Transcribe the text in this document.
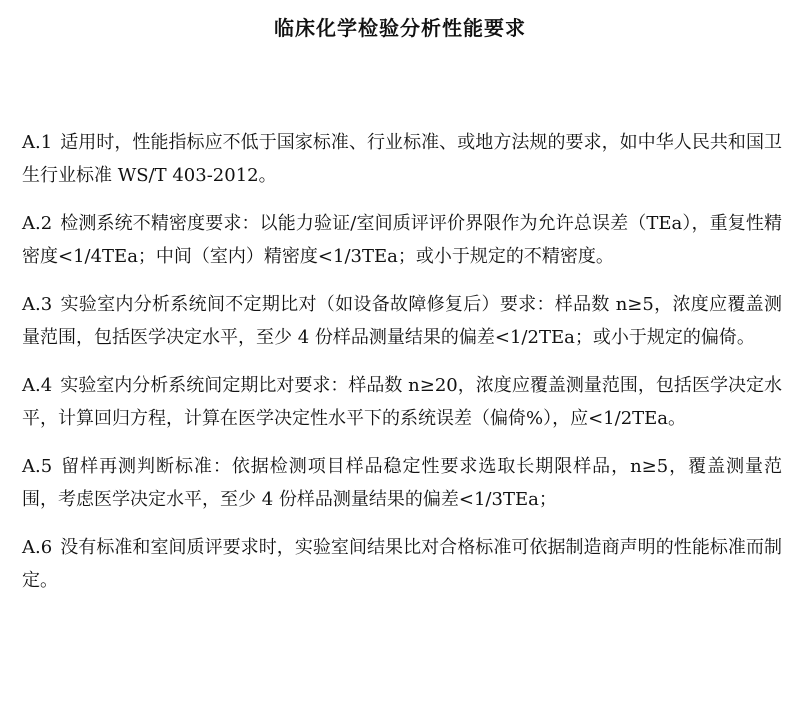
临床化学检验分析性能要求

A.1 适用时，性能指标应不低于国家标准、行业标准、或地方法规的要求，如中华人民共和国卫生行业标准 WS/T 403-2012。

A.2 检测系统不精密度要求：以能力验证/室间质评评价界限作为允许总误差（TEa），重复性精密度<1/4TEa；中间（室内）精密度<1/3TEa；或小于规定的不精密度。

A.3 实验室内分析系统间不定期比对（如设备故障修复后）要求：样品数 n≥5，浓度应覆盖测量范围，包括医学决定水平，至少 4 份样品测量结果的偏差<1/2TEa；或小于规定的偏倚。

A.4 实验室内分析系统间定期比对要求：样品数 n≥20，浓度应覆盖测量范围，包括医学决定水平，计算回归方程，计算在医学决定性水平下的系统误差（偏倚%），应<1/2TEa。

A.5 留样再测判断标准：依据检测项目样品稳定性要求选取长期限样品，n≥5，覆盖测量范围，考虑医学决定水平，至少 4 份样品测量结果的偏差<1/3TEa；

A.6 没有标准和室间质评要求时，实验室间结果比对合格标准可依据制造商声明的性能标准而制定。
